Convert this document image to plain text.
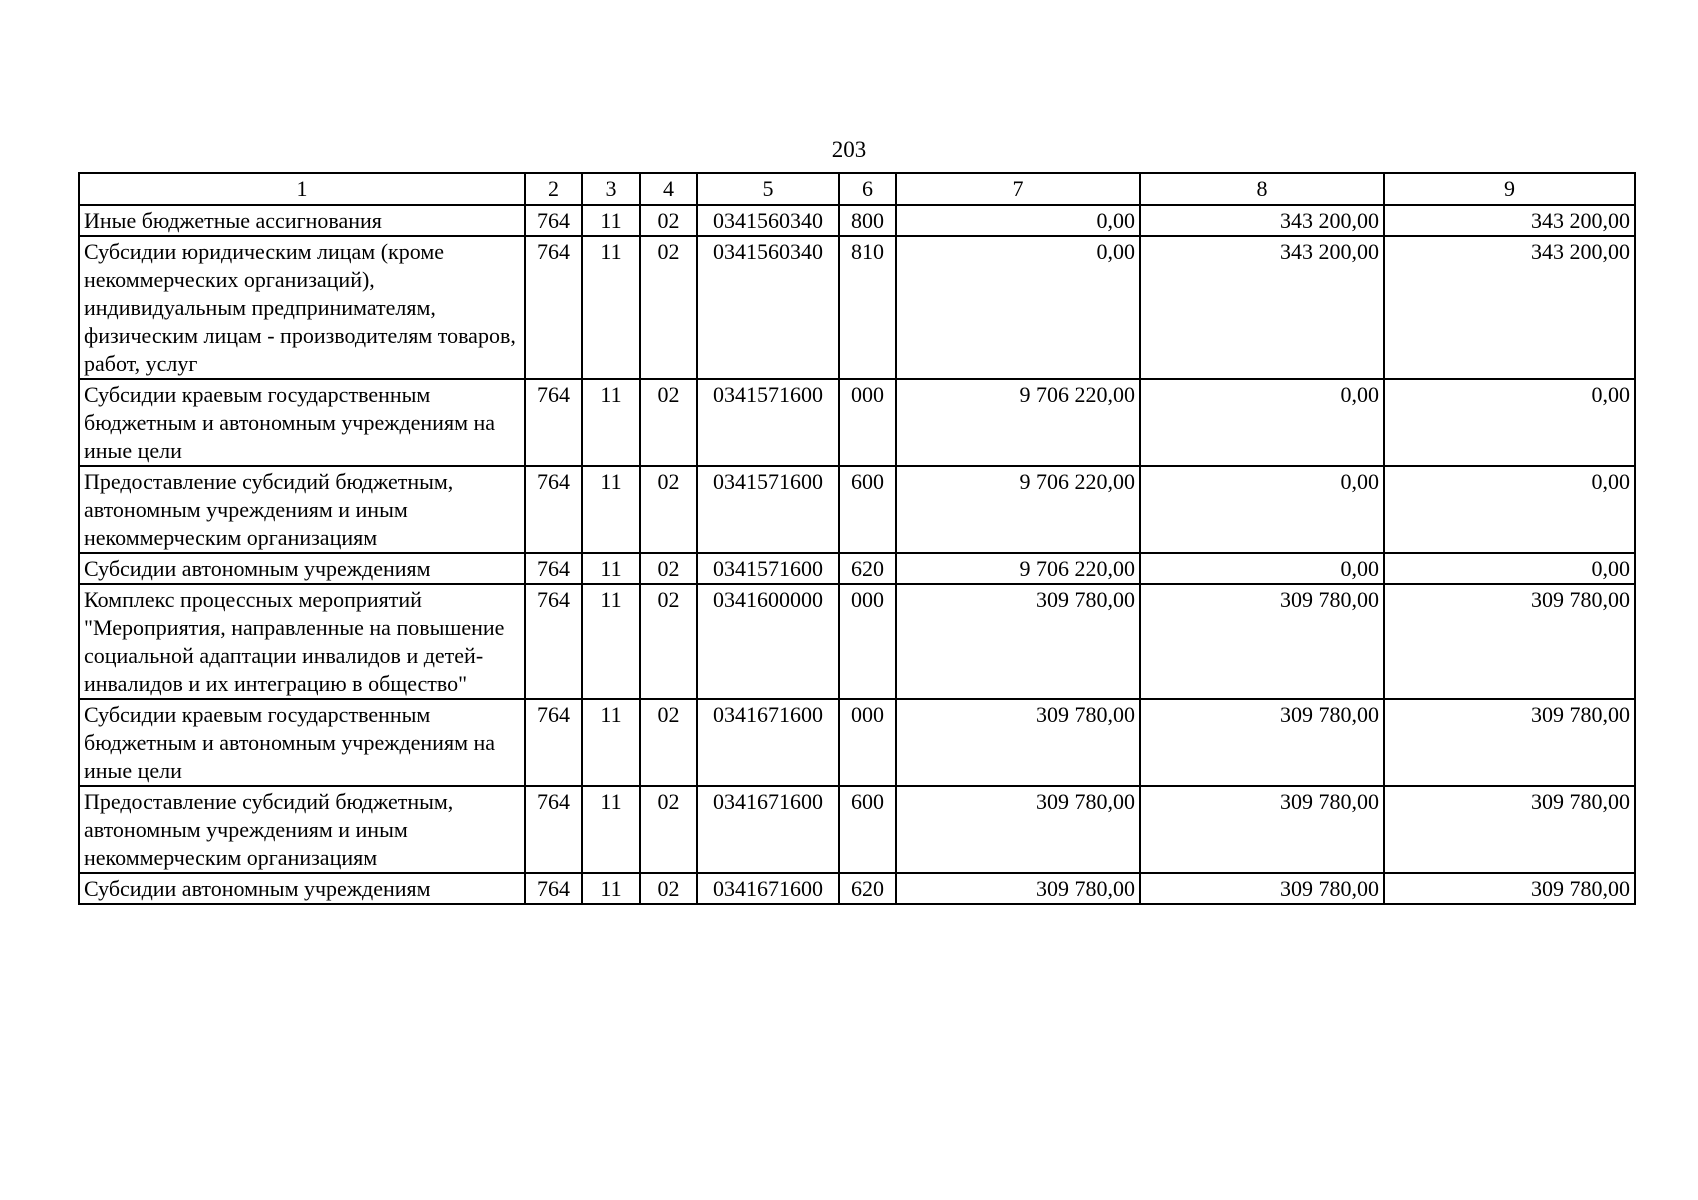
203
1	2	3	4	5	6	7	8	9
Иные бюджетные ассигнования	764	11	02	0341560340	800	0,00	343 200,00	343 200,00
Субсидии юридическим лицам (кроме некоммерческих организаций), индивидуальным предпринимателям, физическим лицам - производителям товаров, работ, услуг	764	11	02	0341560340	810	0,00	343 200,00	343 200,00
Субсидии краевым государственным бюджетным и автономным учреждениям на иные цели	764	11	02	0341571600	000	9 706 220,00	0,00	0,00
Предоставление субсидий бюджетным, автономным учреждениям и иным некоммерческим организациям	764	11	02	0341571600	600	9 706 220,00	0,00	0,00
Субсидии автономным учреждениям	764	11	02	0341571600	620	9 706 220,00	0,00	0,00
Комплекс процессных мероприятий "Мероприятия, направленные на повышение социальной адаптации инвалидов и детей-инвалидов и их интеграцию в общество"	764	11	02	0341600000	000	309 780,00	309 780,00	309 780,00
Субсидии краевым государственным бюджетным и автономным учреждениям на иные цели	764	11	02	0341671600	000	309 780,00	309 780,00	309 780,00
Предоставление субсидий бюджетным, автономным учреждениям и иным некоммерческим организациям	764	11	02	0341671600	600	309 780,00	309 780,00	309 780,00
Субсидии автономным учреждениям	764	11	02	0341671600	620	309 780,00	309 780,00	309 780,00
